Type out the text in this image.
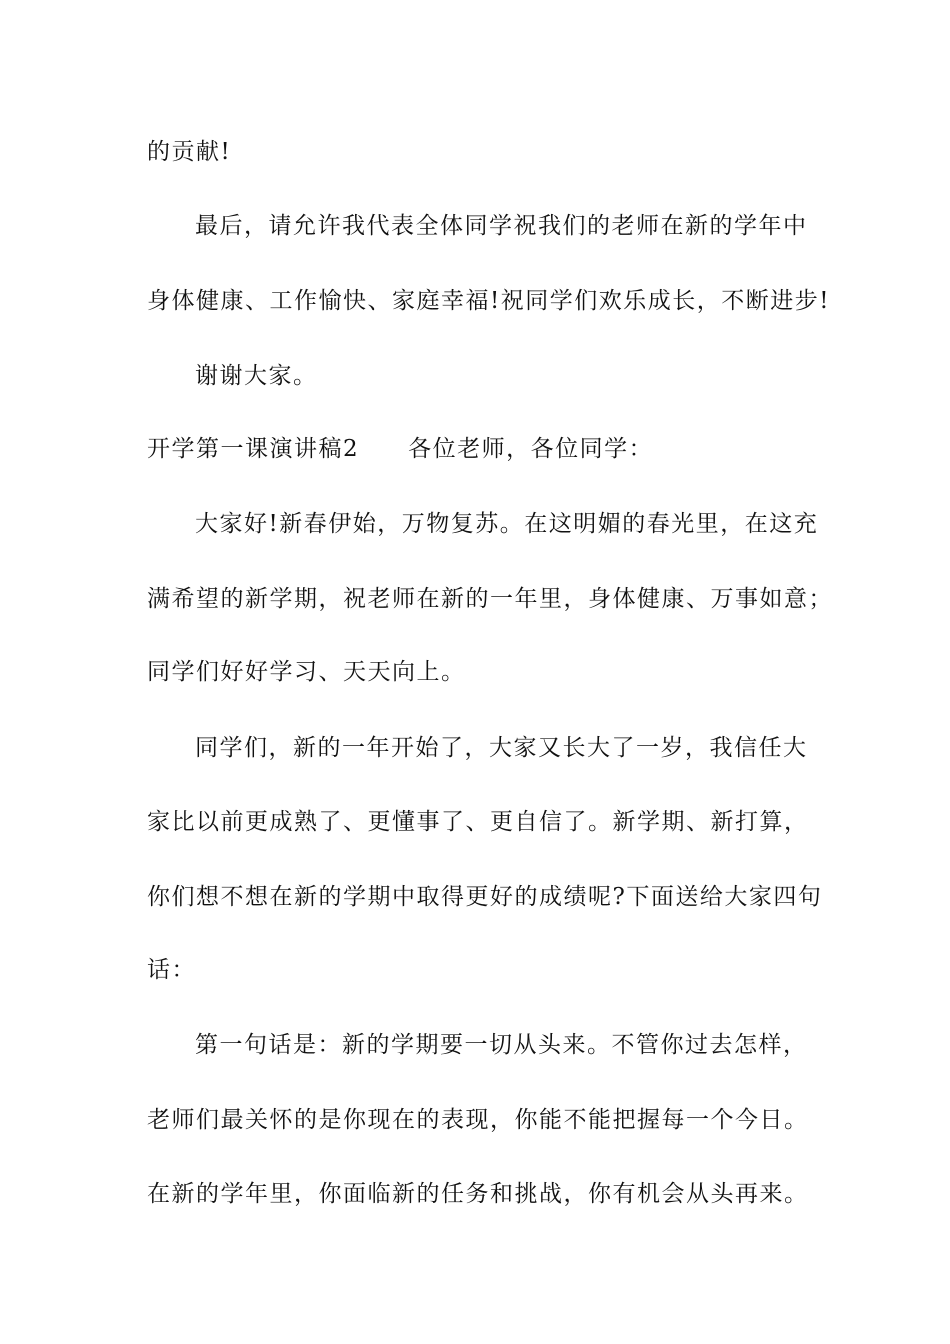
的贡献!
最后，请允许我代表全体同学祝我们的老师在新的学年中
身体健康、工作愉快、家庭幸福!祝同学们欢乐成长，不断进步!
谢谢大家。
开学第一课演讲稿2　　各位老师，各位同学：
大家好!新春伊始，万物复苏。在这明媚的春光里，在这充
满希望的新学期，祝老师在新的一年里，身体健康、万事如意；
同学们好好学习、天天向上。
同学们，新的一年开始了，大家又长大了一岁，我信任大
家比以前更成熟了、更懂事了、更自信了。新学期、新打算，
你们想不想在新的学期中取得更好的成绩呢?下面送给大家四句
话：
第一句话是：新的学期要一切从头来。不管你过去怎样，
老师们最关怀的是你现在的表现，你能不能把握每一个今日。
在新的学年里，你面临新的任务和挑战，你有机会从头再来。
